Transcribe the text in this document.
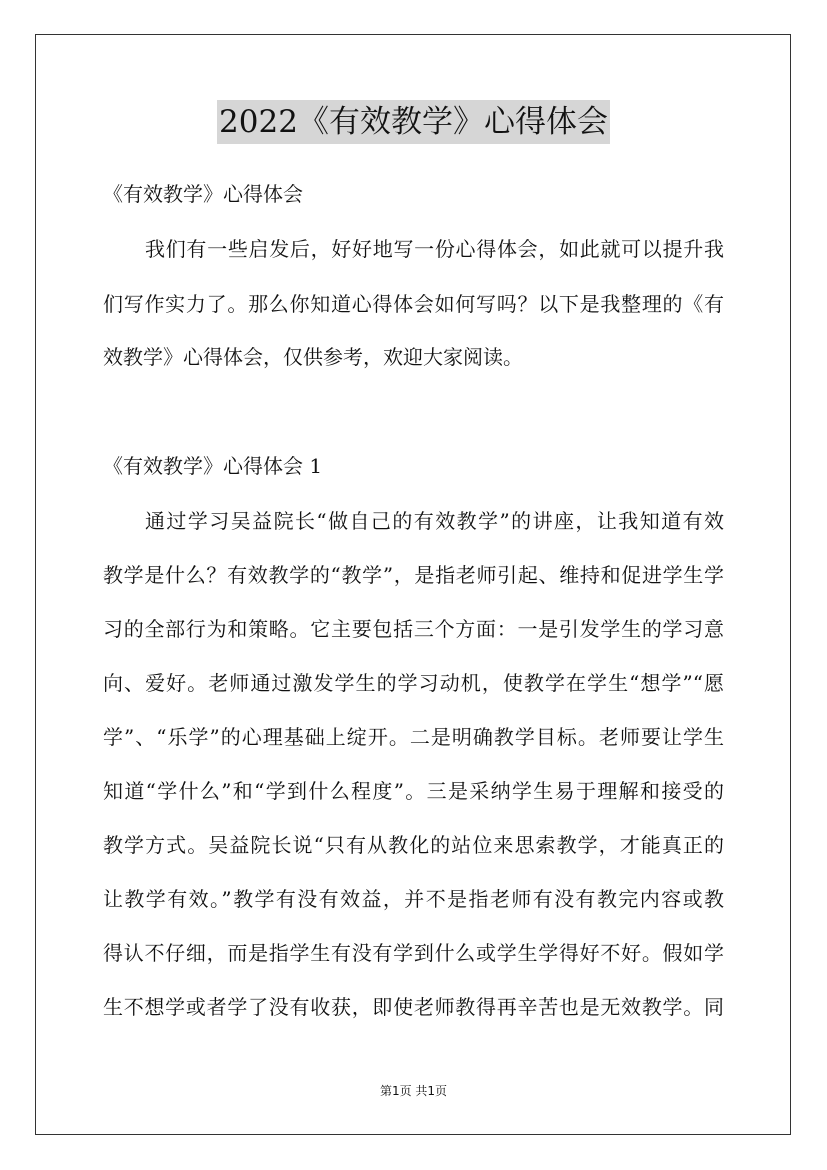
2022《有效教学》心得体会
《有效教学》心得体会
我们有一些启发后，好好地写一份心得体会，如此就可以提升我
们写作实力了。那么你知道心得体会如何写吗？以下是我整理的《有
效教学》心得体会，仅供参考，欢迎大家阅读。
《有效教学》心得体会 1
通过学习吴益院长“做自己的有效教学”的讲座，让我知道有效
教学是什么？有效教学的“教学”，是指老师引起、维持和促进学生学
习的全部行为和策略。它主要包括三个方面：一是引发学生的学习意
向、爱好。老师通过激发学生的学习动机，使教学在学生“想学”“愿
学”、“乐学”的心理基础上绽开。二是明确教学目标。老师要让学生
知道“学什么”和“学到什么程度”。三是采纳学生易于理解和接受的
教学方式。吴益院长说“只有从教化的站位来思索教学，才能真正的
让教学有效。”教学有没有效益，并不是指老师有没有教完内容或教
得认不仔细，而是指学生有没有学到什么或学生学得好不好。假如学
生不想学或者学了没有收获，即使老师教得再辛苦也是无效教学。同
第1页 共1页
